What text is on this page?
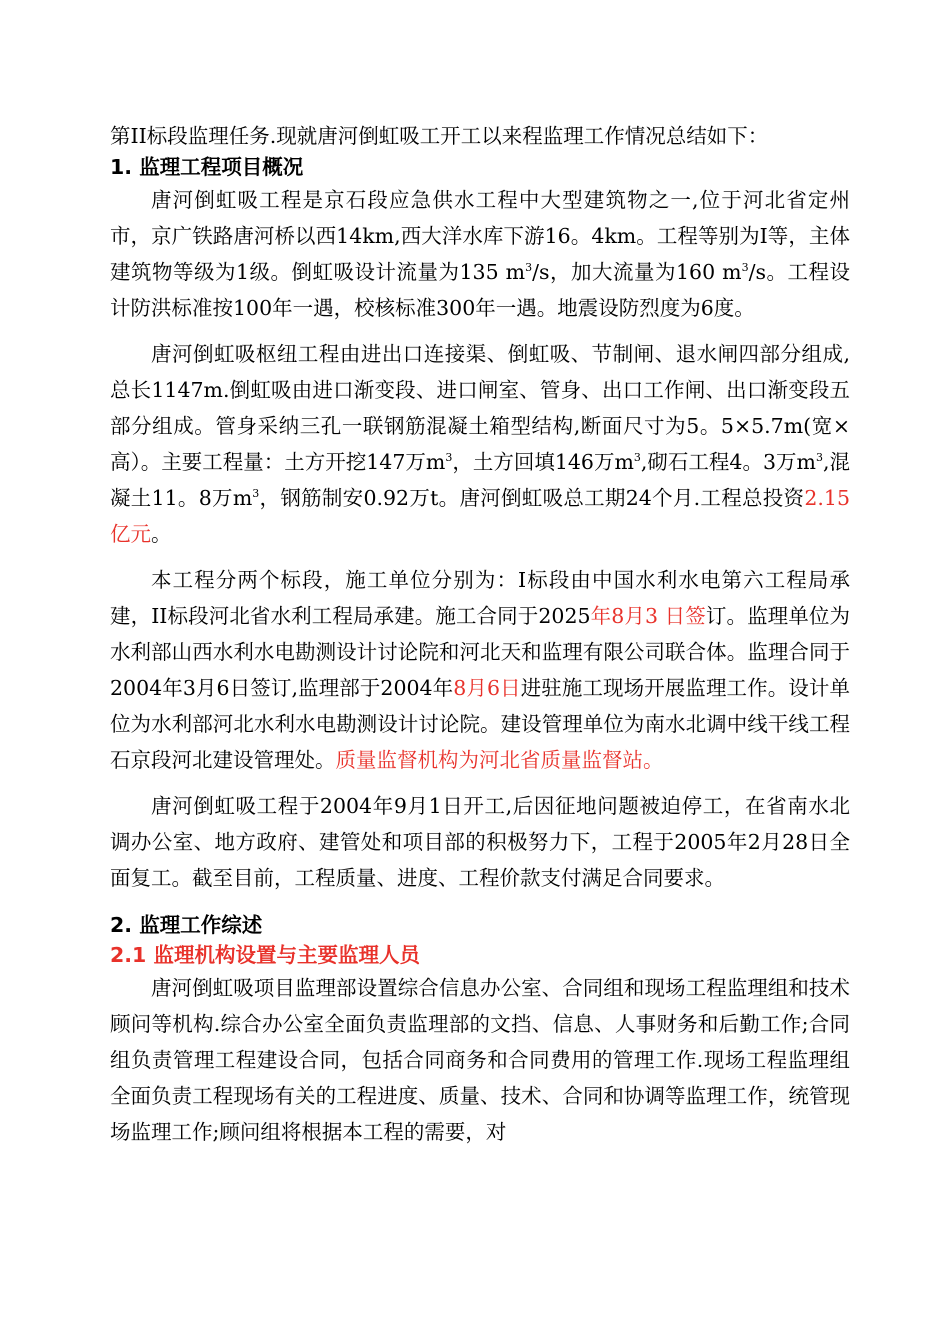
第II标段监理任务.现就唐河倒虹吸工开工以来程监理工作情况总结如下：

1. 监理工程项目概况

唐河倒虹吸工程是京石段应急供水工程中大型建筑物之一,位于河北省定州市，京广铁路唐河桥以西14km,西大洋水库下游16。4km。工程等别为Ⅰ等，主体建筑物等级为1级。倒虹吸设计流量为135 $m^3/s$，加大流量为160 $m^3/s$。工程设计防洪标准按100年一遇，校核标准300年一遇。地震设防烈度为6度。

唐河倒虹吸枢纽工程由进出口连接渠、倒虹吸、节制闸、退水闸四部分组成,总长1147m.倒虹吸由进口渐变段、进口闸室、管身、出口工作闸、出口渐变段五部分组成。管身采纳三孔一联钢筋混凝土箱型结构,断面尺寸为5。5×5.7m(宽×高）。主要工程量：土方开挖147万$m^3$，土方回填146万$m^3$,砌石工程4。3万$m^3$,混凝土11。8万$m^3$，钢筋制安0.92万t。唐河倒虹吸总工期24个月.工程总投资2.15亿元。

本工程分两个标段，施工单位分别为：I标段由中国水利水电第六工程局承建，II标段河北省水利工程局承建。施工合同于2025年8月3 日签订。监理单位为水利部山西水利水电勘测设计讨论院和河北天和监理有限公司联合体。监理合同于2004年3月6日签订,监理部于2004年8月6日进驻施工现场开展监理工作。设计单位为水利部河北水利水电勘测设计讨论院。建设管理单位为南水北调中线干线工程石京段河北建设管理处。质量监督机构为河北省质量监督站。

唐河倒虹吸工程于2004年9月1日开工,后因征地问题被迫停工，在省南水北调办公室、地方政府、建管处和项目部的积极努力下，工程于2005年2月28日全面复工。截至目前，工程质量、进度、工程价款支付满足合同要求。

2. 监理工作综述

2.1 监理机构设置与主要监理人员

唐河倒虹吸项目监理部设置综合信息办公室、合同组和现场工程监理组和技术顾问等机构.综合办公室全面负责监理部的文挡、信息、人事财务和后勤工作;合同组负责管理工程建设合同，包括合同商务和合同费用的管理工作.现场工程监理组全面负责工程现场有关的工程进度、质量、技术、合同和协调等监理工作，统管现场监理工作;顾问组将根据本工程的需要，对
